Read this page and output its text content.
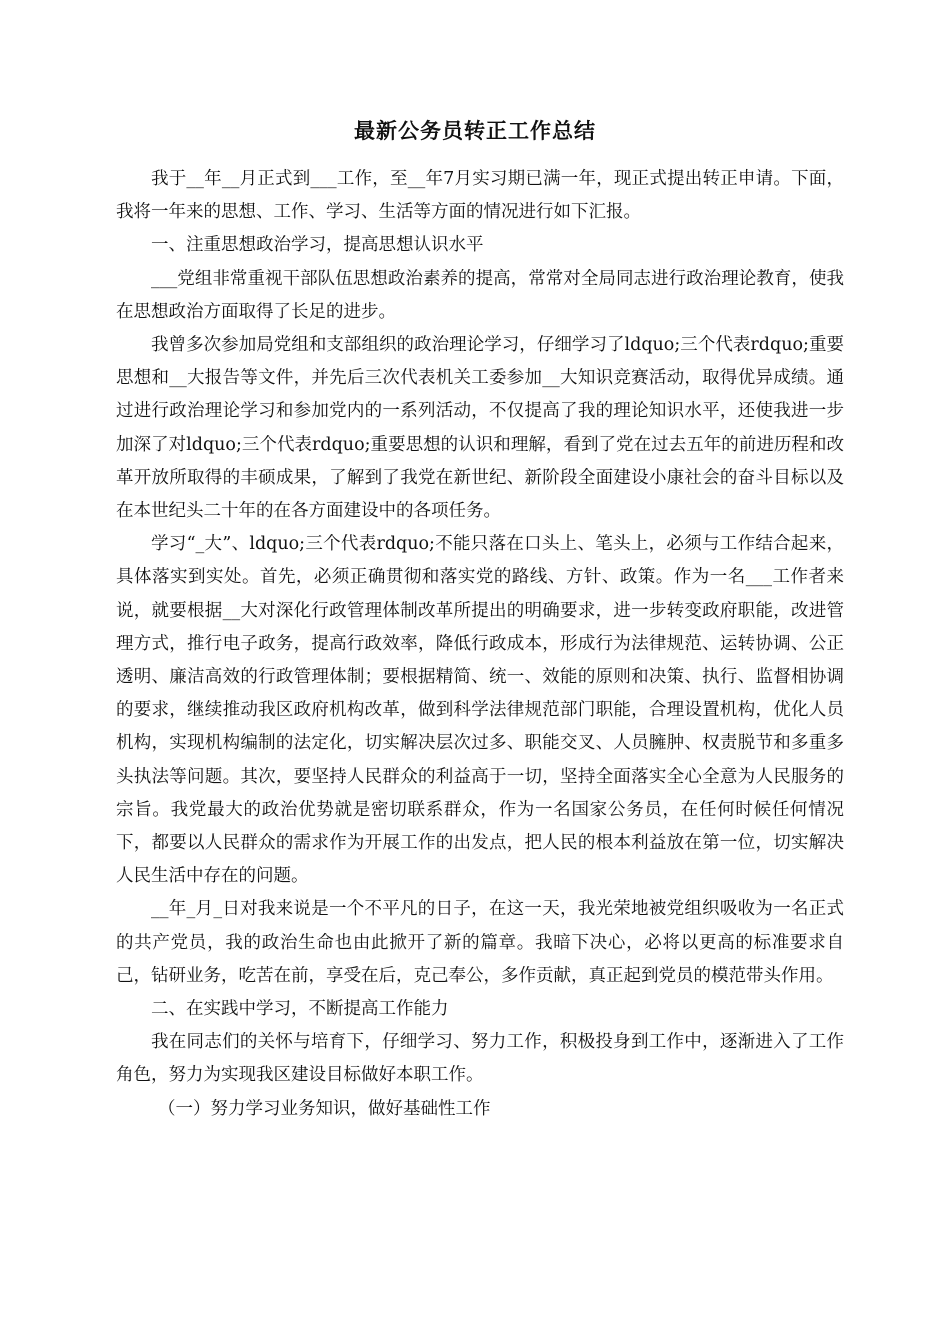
最新公务员转正工作总结

我于__年__月正式到___工作，至__年7月实习期已满一年，现正式提出转正申请。下面，我将一年来的思想、工作、学习、生活等方面的情况进行如下汇报。

一、注重思想政治学习，提高思想认识水平

___党组非常重视干部队伍思想政治素养的提高，常常对全局同志进行政治理论教育，使我在思想政治方面取得了长足的进步。

我曾多次参加局党组和支部组织的政治理论学习，仔细学习了ldquo;三个代表rdquo;重要思想和__大报告等文件，并先后三次代表机关工委参加__大知识竞赛活动，取得优异成绩。通过进行政治理论学习和参加党内的一系列活动，不仅提高了我的理论知识水平，还使我进一步加深了对ldquo;三个代表rdquo;重要思想的认识和理解，看到了党在过去五年的前进历程和改革开放所取得的丰硕成果，了解到了我党在新世纪、新阶段全面建设小康社会的奋斗目标以及在本世纪头二十年的在各方面建设中的各项任务。

学习“_大”、ldquo;三个代表rdquo;不能只落在口头上、笔头上，必须与工作结合起来，具体落实到实处。首先，必须正确贯彻和落实党的路线、方针、政策。作为一名___工作者来说，就要根据__大对深化行政管理体制改革所提出的明确要求，进一步转变政府职能，改进管理方式，推行电子政务，提高行政效率，降低行政成本，形成行为法律规范、运转协调、公正透明、廉洁高效的行政管理体制；要根据精简、统一、效能的原则和决策、执行、监督相协调的要求，继续推动我区政府机构改革，做到科学法律规范部门职能，合理设置机构，优化人员机构，实现机构编制的法定化，切实解决层次过多、职能交叉、人员臃肿、权责脱节和多重多头执法等问题。其次，要坚持人民群众的利益高于一切，坚持全面落实全心全意为人民服务的宗旨。我党最大的政治优势就是密切联系群众，作为一名国家公务员，在任何时候任何情况下，都要以人民群众的需求作为开展工作的出发点，把人民的根本利益放在第一位，切实解决人民生活中存在的问题。

__年_月_日对我来说是一个不平凡的日子，在这一天，我光荣地被党组织吸收为一名正式的共产党员，我的政治生命也由此掀开了新的篇章。我暗下决心，必将以更高的标准要求自己，钻研业务，吃苦在前，享受在后，克己奉公，多作贡献，真正起到党员的模范带头作用。

二、在实践中学习，不断提高工作能力

我在同志们的关怀与培育下，仔细学习、努力工作，积极投身到工作中，逐渐进入了工作角色，努力为实现我区建设目标做好本职工作。

（一）努力学习业务知识，做好基础性工作
